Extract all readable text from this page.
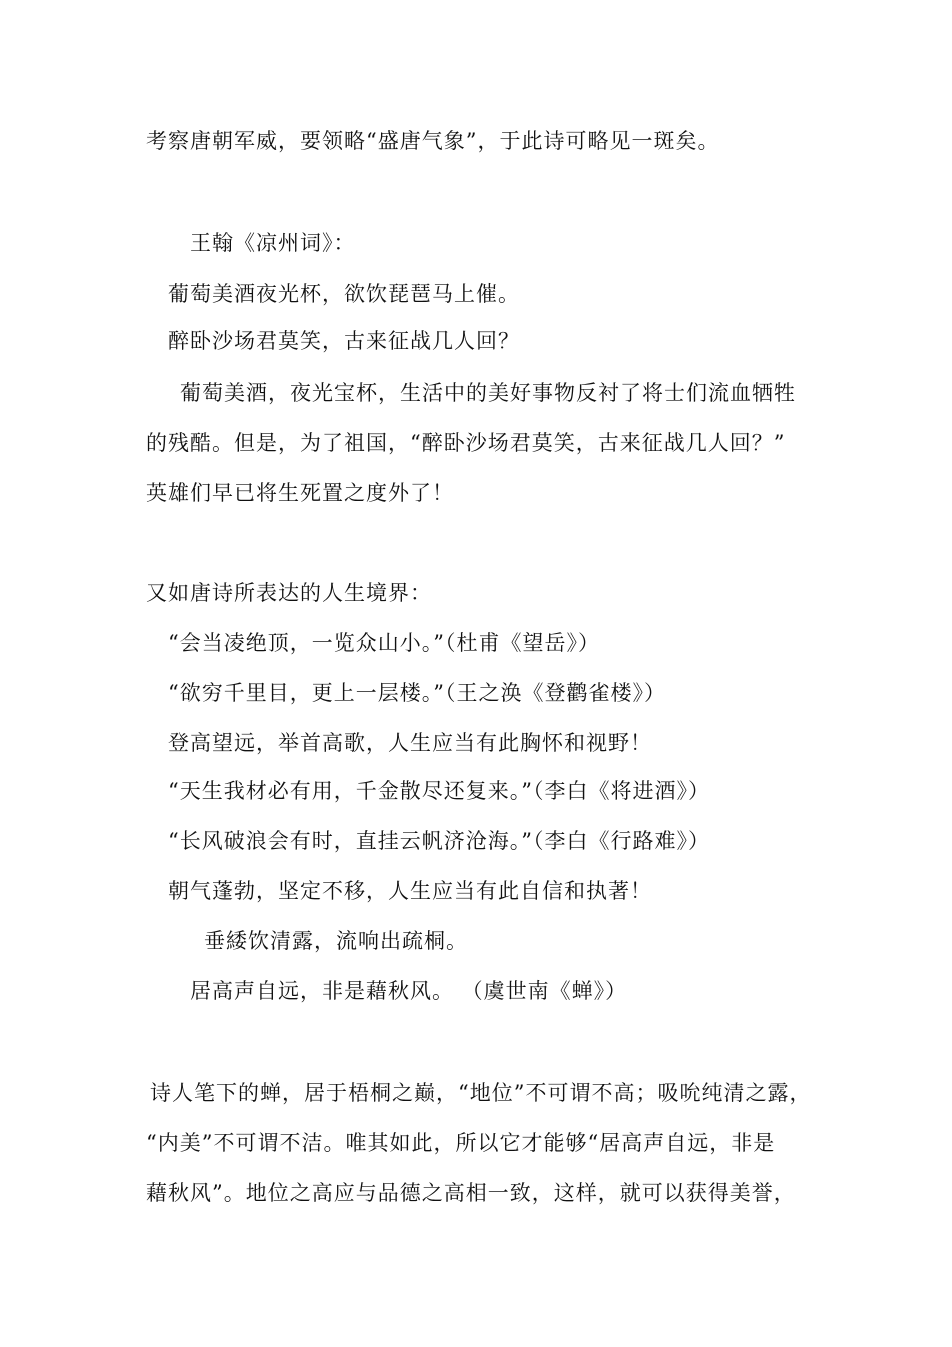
考察唐朝军威，要领略“盛唐气象”，于此诗可略见一斑矣。
王翰《凉州词》：
葡萄美酒夜光杯，欲饮琵琶马上催。
醉卧沙场君莫笑，古来征战几人回？
葡萄美酒，夜光宝杯，生活中的美好事物反衬了将士们流血牺牲
的残酷。但是，为了祖国，“醉卧沙场君莫笑，古来征战几人回？”
英雄们早已将生死置之度外了！
又如唐诗所表达的人生境界：
“会当凌绝顶，一览众山小。”（杜甫《望岳》）
“欲穷千里目，更上一层楼。”（王之涣《登鹳雀楼》）
登高望远，举首高歌，人生应当有此胸怀和视野！
“天生我材必有用，千金散尽还复来。”（李白《将进酒》）
“长风破浪会有时，直挂云帆济沧海。”（李白《行路难》）
朝气蓬勃，坚定不移，人生应当有此自信和执著！
垂緌饮清露，流响出疏桐。
居高声自远，非是藉秋风。 （虞世南《蝉》）
诗人笔下的蝉，居于梧桐之巅，“地位”不可谓不高；吸吮纯清之露，
“内美”不可谓不洁。唯其如此，所以它才能够“居高声自远，非是
藉秋风”。地位之高应与品德之高相一致，这样，就可以获得美誉，
